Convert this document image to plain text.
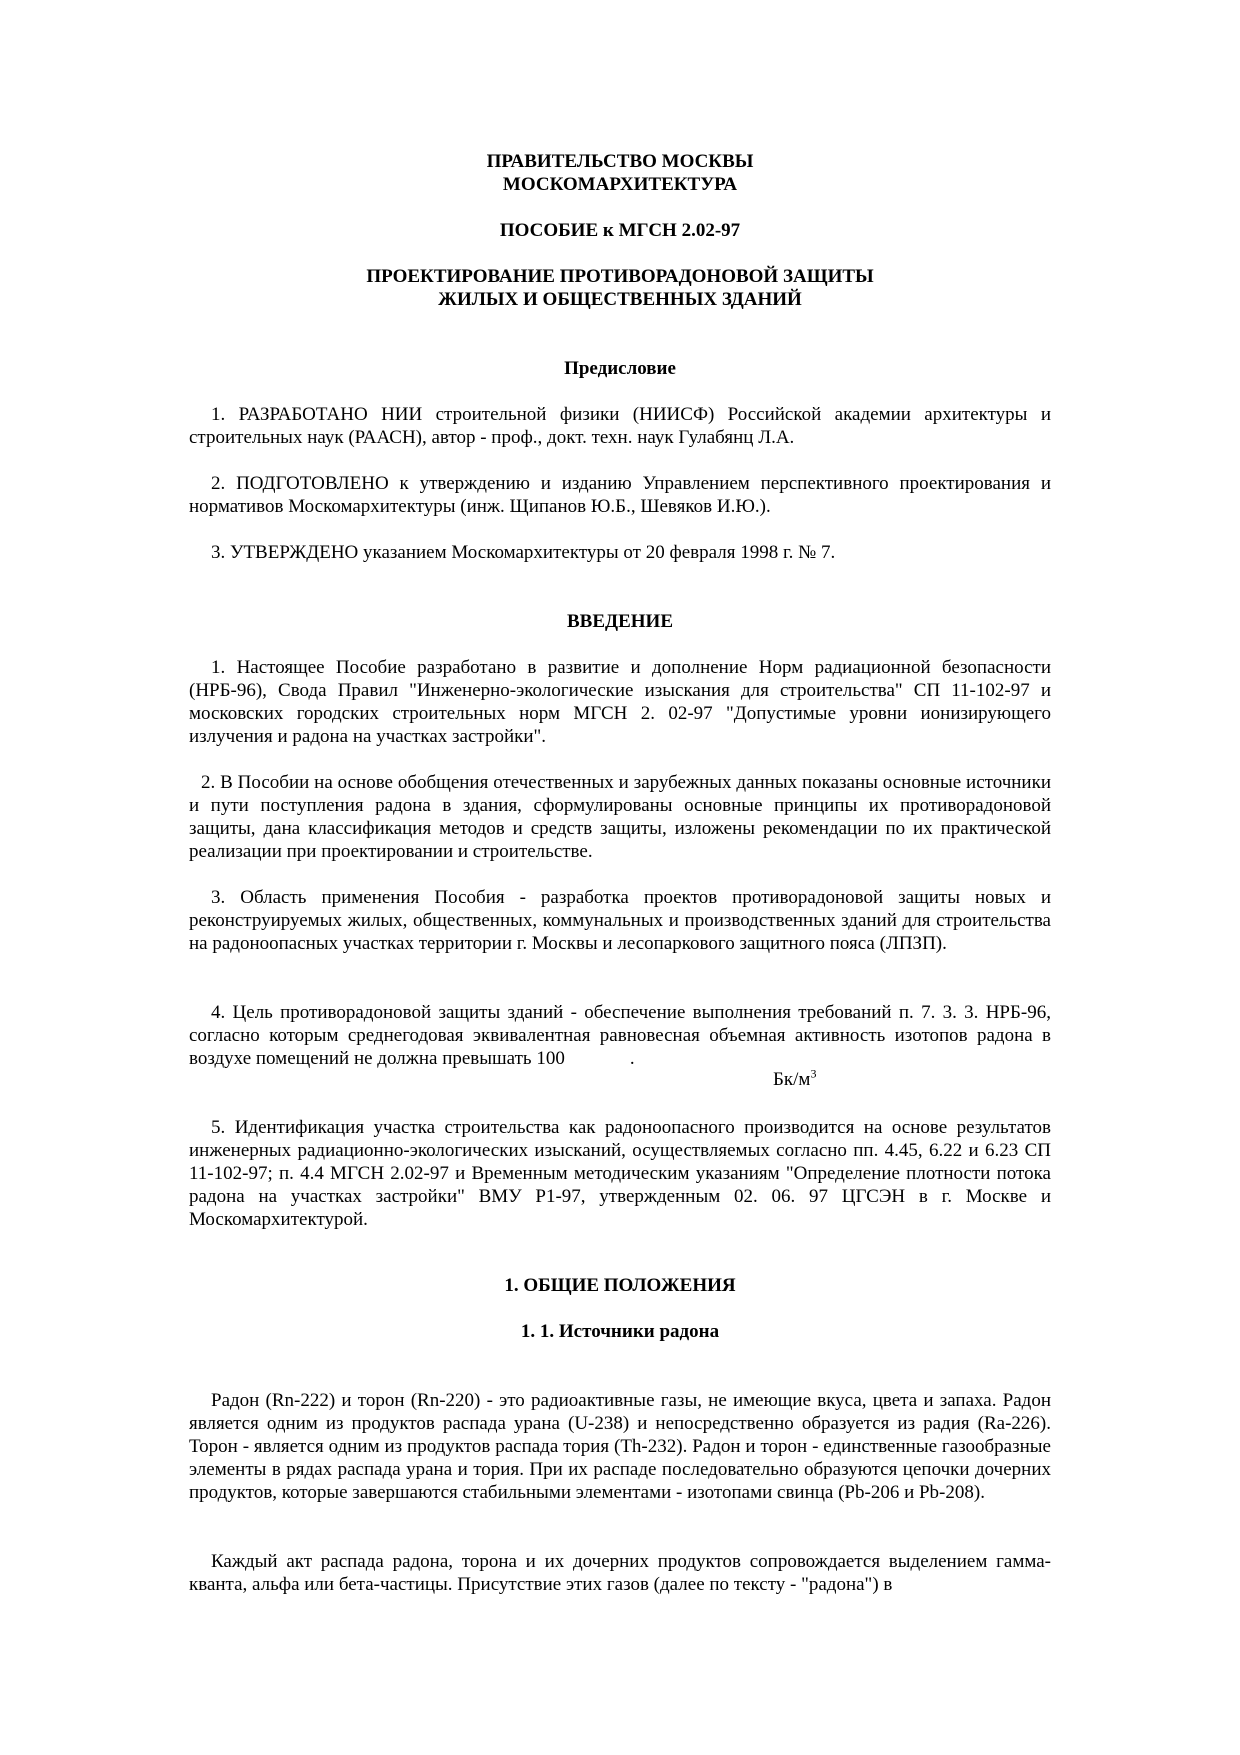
ПРАВИТЕЛЬСТВО МОСКВЫ
МОСКОМАРХИТЕКТУРА
ПОСОБИЕ к МГСН 2.02-97
ПРОЕКТИРОВАНИЕ ПРОТИВОРАДОНОВОЙ ЗАЩИТЫ
ЖИЛЫХ И ОБЩЕСТВЕННЫХ ЗДАНИЙ
Предисловие
1. РАЗРАБОТАНО НИИ строительной физики (НИИСФ) Российской академии архитектуры и строительных наук (РААСН), автор - проф., докт. техн. наук Гулабянц Л.А.
2. ПОДГОТОВЛЕНО к утверждению и изданию Управлением перспективного проектирования и нормативов Москомархитектуры (инж. Щипанов Ю.Б., Шевяков И.Ю.).
3. УТВЕРЖДЕНО указанием Москомархитектуры от 20 февраля 1998 г. № 7.
ВВЕДЕНИЕ
1. Настоящее Пособие разработано в развитие и дополнение Норм радиационной безопасности (НРБ-96), Свода Правил "Инженерно-экологические изыскания для строительства" СП 11-102-97 и московских городских строительных норм МГСН 2. 02-97 "Допустимые уровни ионизирующего излучения и радона на участках застройки".
2. В Пособии на основе обобщения отечественных и зарубежных данных показаны основные источники и пути поступления радона в здания, сформулированы основные принципы их противорадоновой защиты, дана классификация методов и средств защиты, изложены рекомендации по их практической реализации при проектировании и строительстве.
3. Область применения Пособия - разработка проектов противорадоновой защиты новых и реконструируемых жилых, общественных, коммунальных и производственных зданий для строительства на радоноопасных участках территории г. Москвы и лесопаркового защитного пояса (ЛПЗП).
4. Цель противорадоновой защиты зданий - обеспечение выполнения требований п. 7. 3. 3. НРБ-96, согласно которым среднегодовая эквивалентная равновесная объемная активность изотопов радона в воздухе помещений не должна превышать 100	.
$Бк/м^3$
5. Идентификация участка строительства как радоноопасного производится на основе результатов инженерных радиационно-экологических изысканий, осуществляемых согласно пп. 4.45, 6.22 и 6.23 СП 11-102-97; п. 4.4 МГСН 2.02-97 и Временным методическим указаниям "Определение плотности потока радона на участках застройки" ВМУ Р1-97, утвержденным 02. 06. 97 ЦГСЭН в г. Москве и Москомархитектурой.
1. ОБЩИЕ ПОЛОЖЕНИЯ
1. 1. Источники радона
Радон (Rn-222) и торон (Rn-220) - это радиоактивные газы, не имеющие вкуса, цвета и запаха. Радон является одним из продуктов распада урана (U-238) и непосредственно образуется из радия (Ra-226). Торон - является одним из продуктов распада тория (Th-232). Радон и торон - единственные газообразные элементы в рядах распада урана и тория. При их распаде последовательно образуются цепочки дочерних продуктов, которые завершаются стабильными элементами - изотопами свинца (Pb-206 и Pb-208).
Каждый акт распада радона, торона и их дочерних продуктов сопровождается выделением гамма-кванта, альфа или бета-частицы. Присутствие этих газов (далее по тексту - "радона") в
